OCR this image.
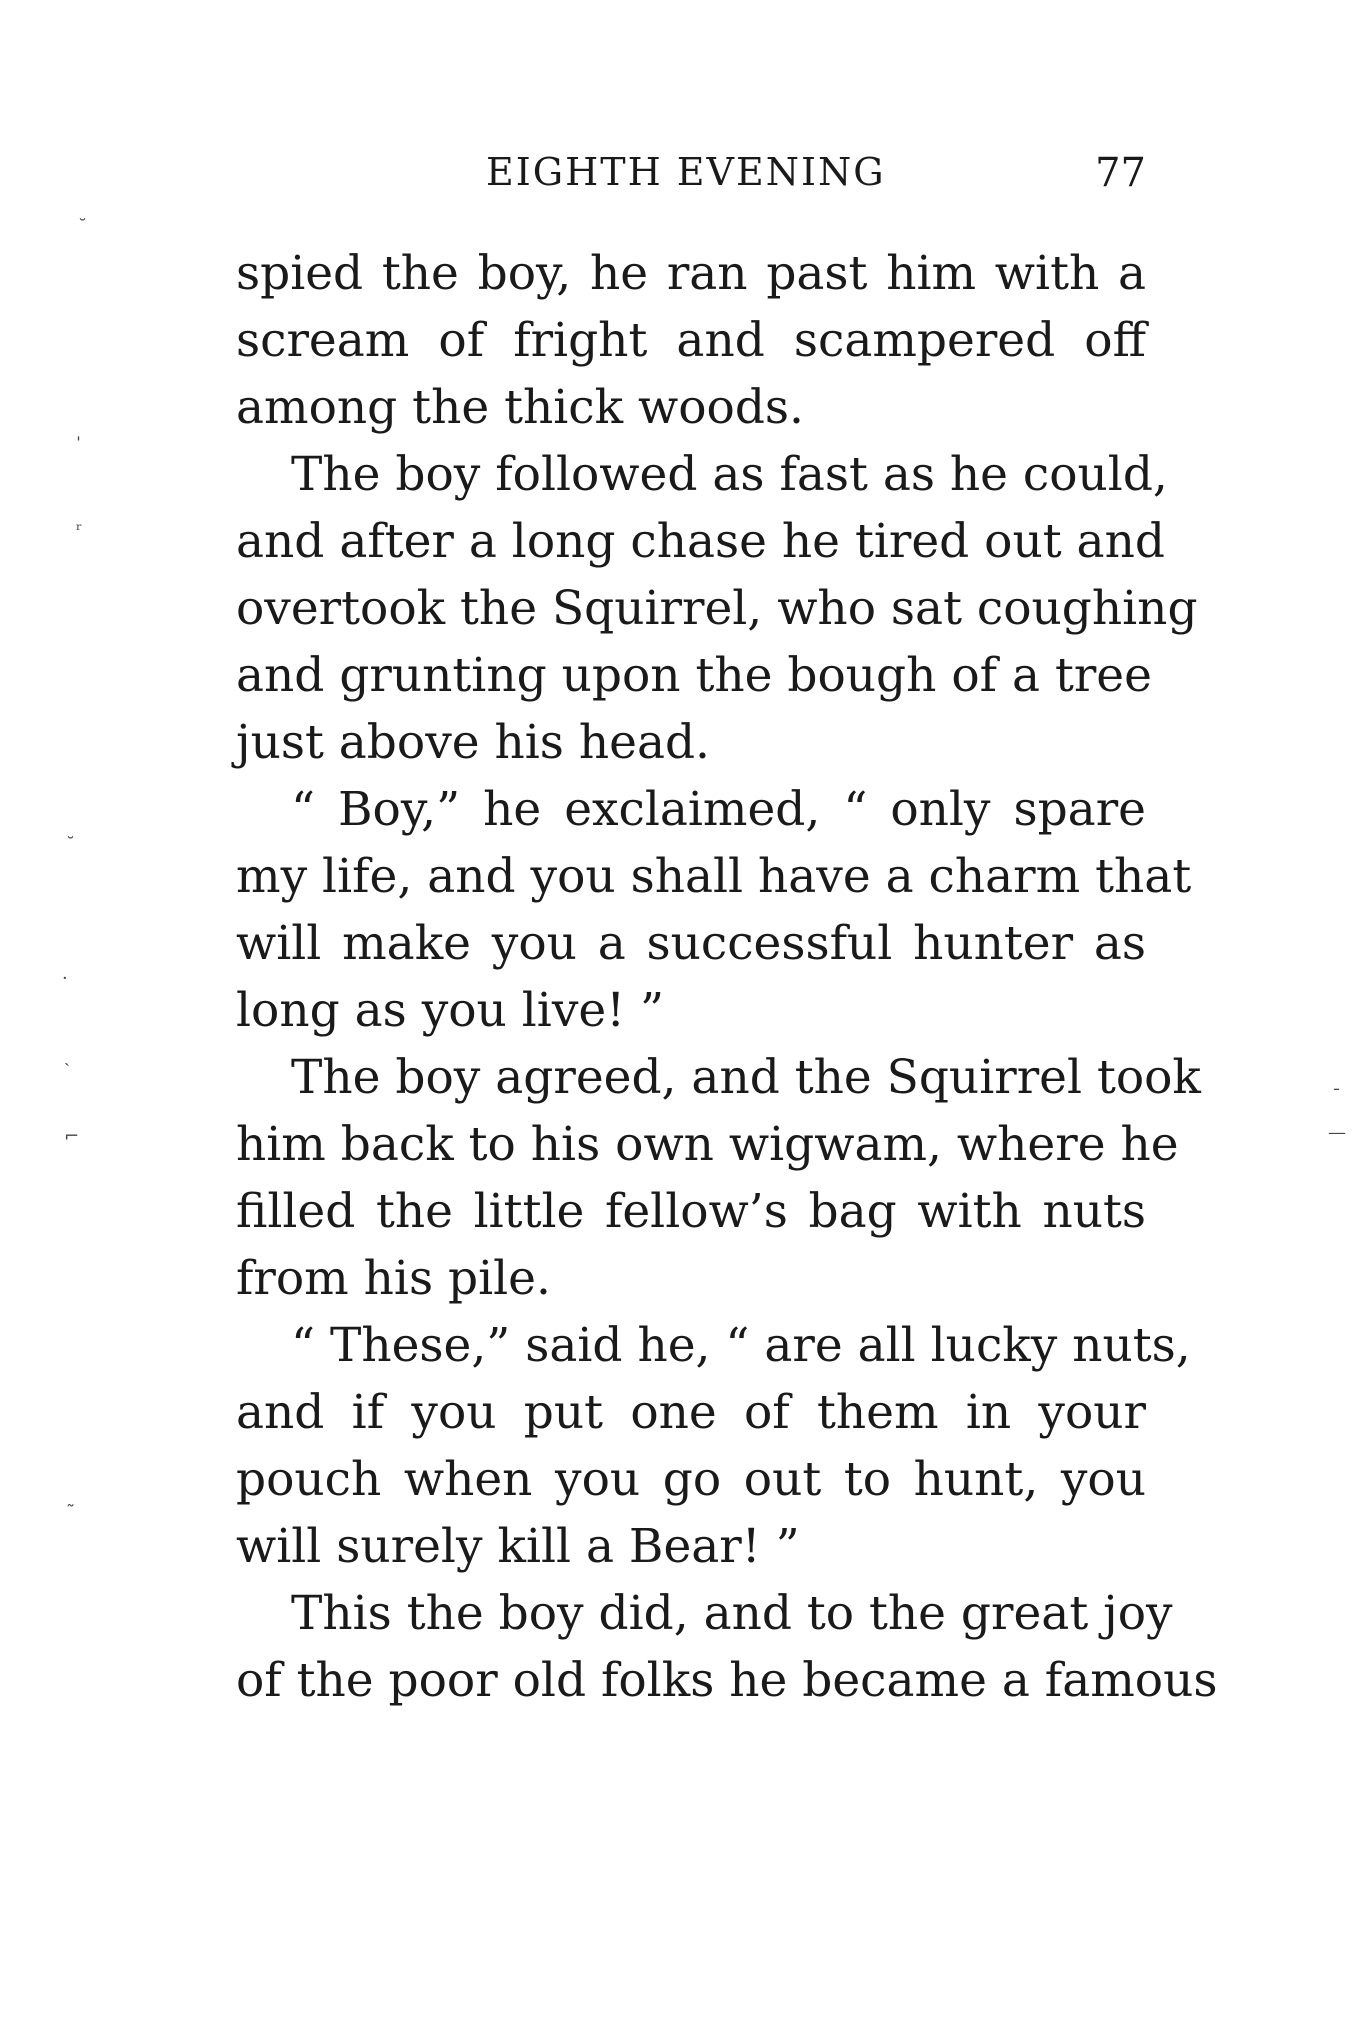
EIGHTH EVENING	77
spied the boy, he ran past him with a
scream of fright and scampered off
among the thick woods.
The boy followed as fast as he could,
and after a long chase he tired out and
overtook the Squirrel, who sat coughing
and grunting upon the bough of a tree
just above his head.
“ Boy,” he exclaimed, “ only spare
my life, and you shall have a charm that
will make you a successful hunter as
long as you live! ”
The boy agreed, and the Squirrel took
him back to his own wigwam, where he
filled the little fellow’s bag with nuts
from his pile.
“ These,” said he, “ are all lucky nuts,
and if you put one of them in your
pouch when you go out to hunt, you
will surely kill a Bear! ”
This the boy did, and to the great joy
of the poor old folks he became a famous
˘
ˈ
ʳ
˘
·
ˎ
⌐
˜
¯
—
